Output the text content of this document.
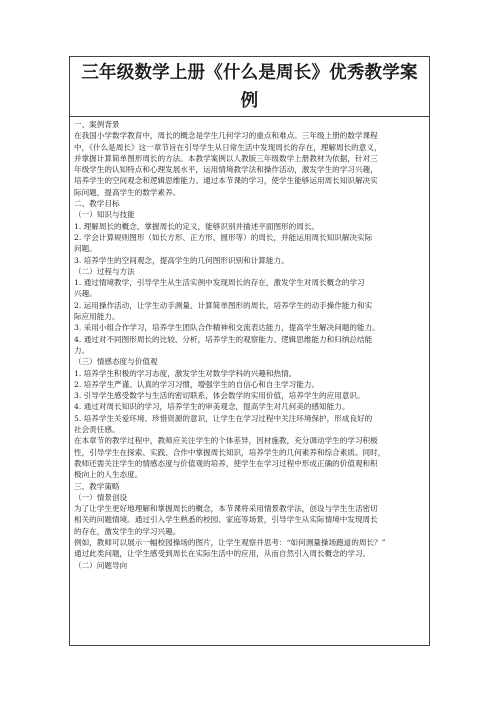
三年级数学上册《什么是周长》优秀教学案
例
一、案例背景
在我国小学数学教育中，周长的概念是学生几何学习的重点和难点。三年级上册的数学课程
中，《什么是周长》这一章节旨在引导学生从日常生活中发现周长的存在，理解周长的意义，
并掌握计算简单图形周长的方法。本教学案例以人教版三年级数学上册教材为依据，针对三
年级学生的认知特点和心理发展水平，运用情境教学法和操作活动，激发学生的学习兴趣，
培养学生的空间观念和逻辑思维能力。通过本节课的学习，使学生能够运用周长知识解决实
际问题，提高学生的数学素养。
二、教学目标
（一）知识与技能
1. 理解周长的概念，掌握周长的定义，能够识别并描述平面图形的周长。
2. 学会计算规则图形（如长方形、正方形、圆形等）的周长，并能运用周长知识解决实际
问题。
3. 培养学生的空间观念，提高学生的几何图形识别和计算能力。
（二）过程与方法
1. 通过情境教学，引导学生从生活实例中发现周长的存在，激发学生对周长概念的学习
兴趣。
2. 运用操作活动，让学生动手测量、计算简单图形的周长，培养学生的动手操作能力和实
际应用能力。
3. 采用小组合作学习，培养学生团队合作精神和交流表达能力，提高学生解决问题的能力。
4. 通过对不同图形周长的比较、分析，培养学生的观察能力、逻辑思维能力和归纳总结能
力。
（三）情感态度与价值观
1. 培养学生积极的学习态度，激发学生对数学学科的兴趣和热情。
2. 培养学生严谨、认真的学习习惯，增强学生的自信心和自主学习能力。
3. 引导学生感受数学与生活的密切联系，体会数学的实用价值，培养学生的应用意识。
4. 通过对周长知识的学习，培养学生的审美观念，提高学生对几何美的感知能力。
5. 培养学生关爱环境、珍惜资源的意识，让学生在学习过程中关注环境保护，形成良好的
社会责任感。
在本章节的教学过程中，教师应关注学生的个体差异，因材施教，充分调动学生的学习积极
性，引导学生在探索、实践、合作中掌握周长知识，培养学生的几何素养和综合素质。同时，
教师还需关注学生的情感态度与价值观的培养，使学生在学习过程中形成正确的价值观和积
极向上的人生态度。
三、教学策略
（一）情景创设
为了让学生更好地理解和掌握周长的概念，本节课将采用情景教学法，创设与学生生活密切
相关的问题情境。通过引入学生熟悉的校园、家庭等场景，引导学生从实际情境中发现周长
的存在，激发学生的学习兴趣。
例如，教师可以展示一幅校园操场的图片，让学生观察并思考：“如何测量操场跑道的周长？”
通过此类问题，让学生感受到周长在实际生活中的应用，从而自然引入周长概念的学习。
（二）问题导向
